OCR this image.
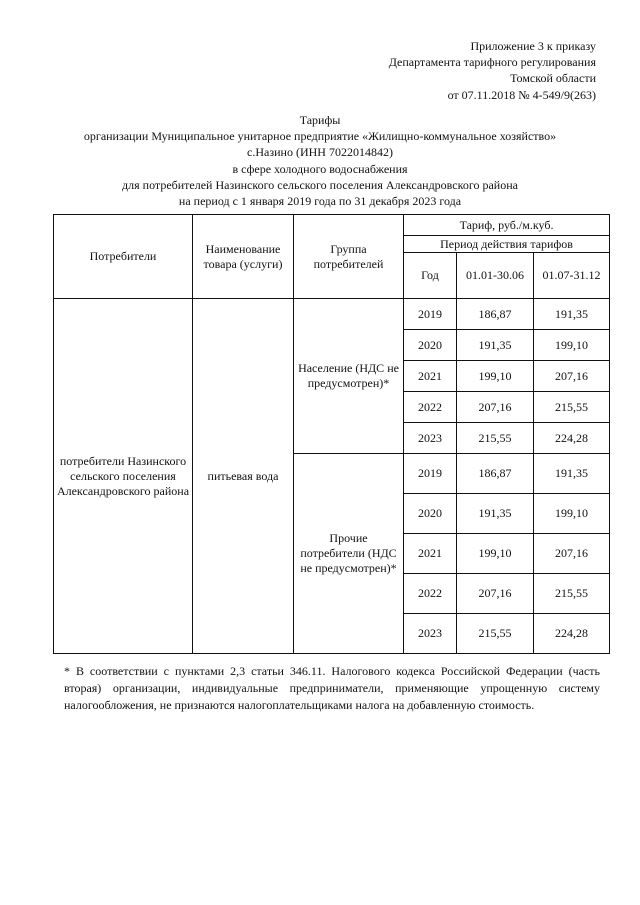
Приложение 3 к приказу
Департамента тарифного регулирования
Томской области
от 07.11.2018 № 4-549/9(263)
Тарифы
организации Муниципальное унитарное предприятие «Жилищно-коммунальное хозяйство»
с.Назино (ИНН 7022014842)
в сфере холодного водоснабжения
для потребителей Назинского сельского поселения Александровского района
на период с 1 января 2019 года по 31 декабря 2023 года
Потребители	Наименование товара (услуги)	Группа потребителей	Тариф, руб./м.куб.		
			Период действия тарифов		
			Год	01.01-30.06	01.07-31.12
потребители Назинского сельского поселения Александровского района	питьевая вода	Население (НДС не предусмотрен)*	2019	186,87	191,35
			2020	191,35	199,10
			2021	199,10	207,16
			2022	207,16	215,55
			2023	215,55	224,28
		Прочие потребители (НДС не предусмотрен)*	2019	186,87	191,35
			2020	191,35	199,10
			2021	199,10	207,16
			2022	207,16	215,55
			2023	215,55	224,28
* В соответствии с пунктами 2,3 статьи 346.11. Налогового кодекса Российской Федерации (часть вторая) организации, индивидуальные предприниматели, применяющие упрощенную систему налогообложения, не признаются налогоплательщиками налога на добавленную стоимость.
